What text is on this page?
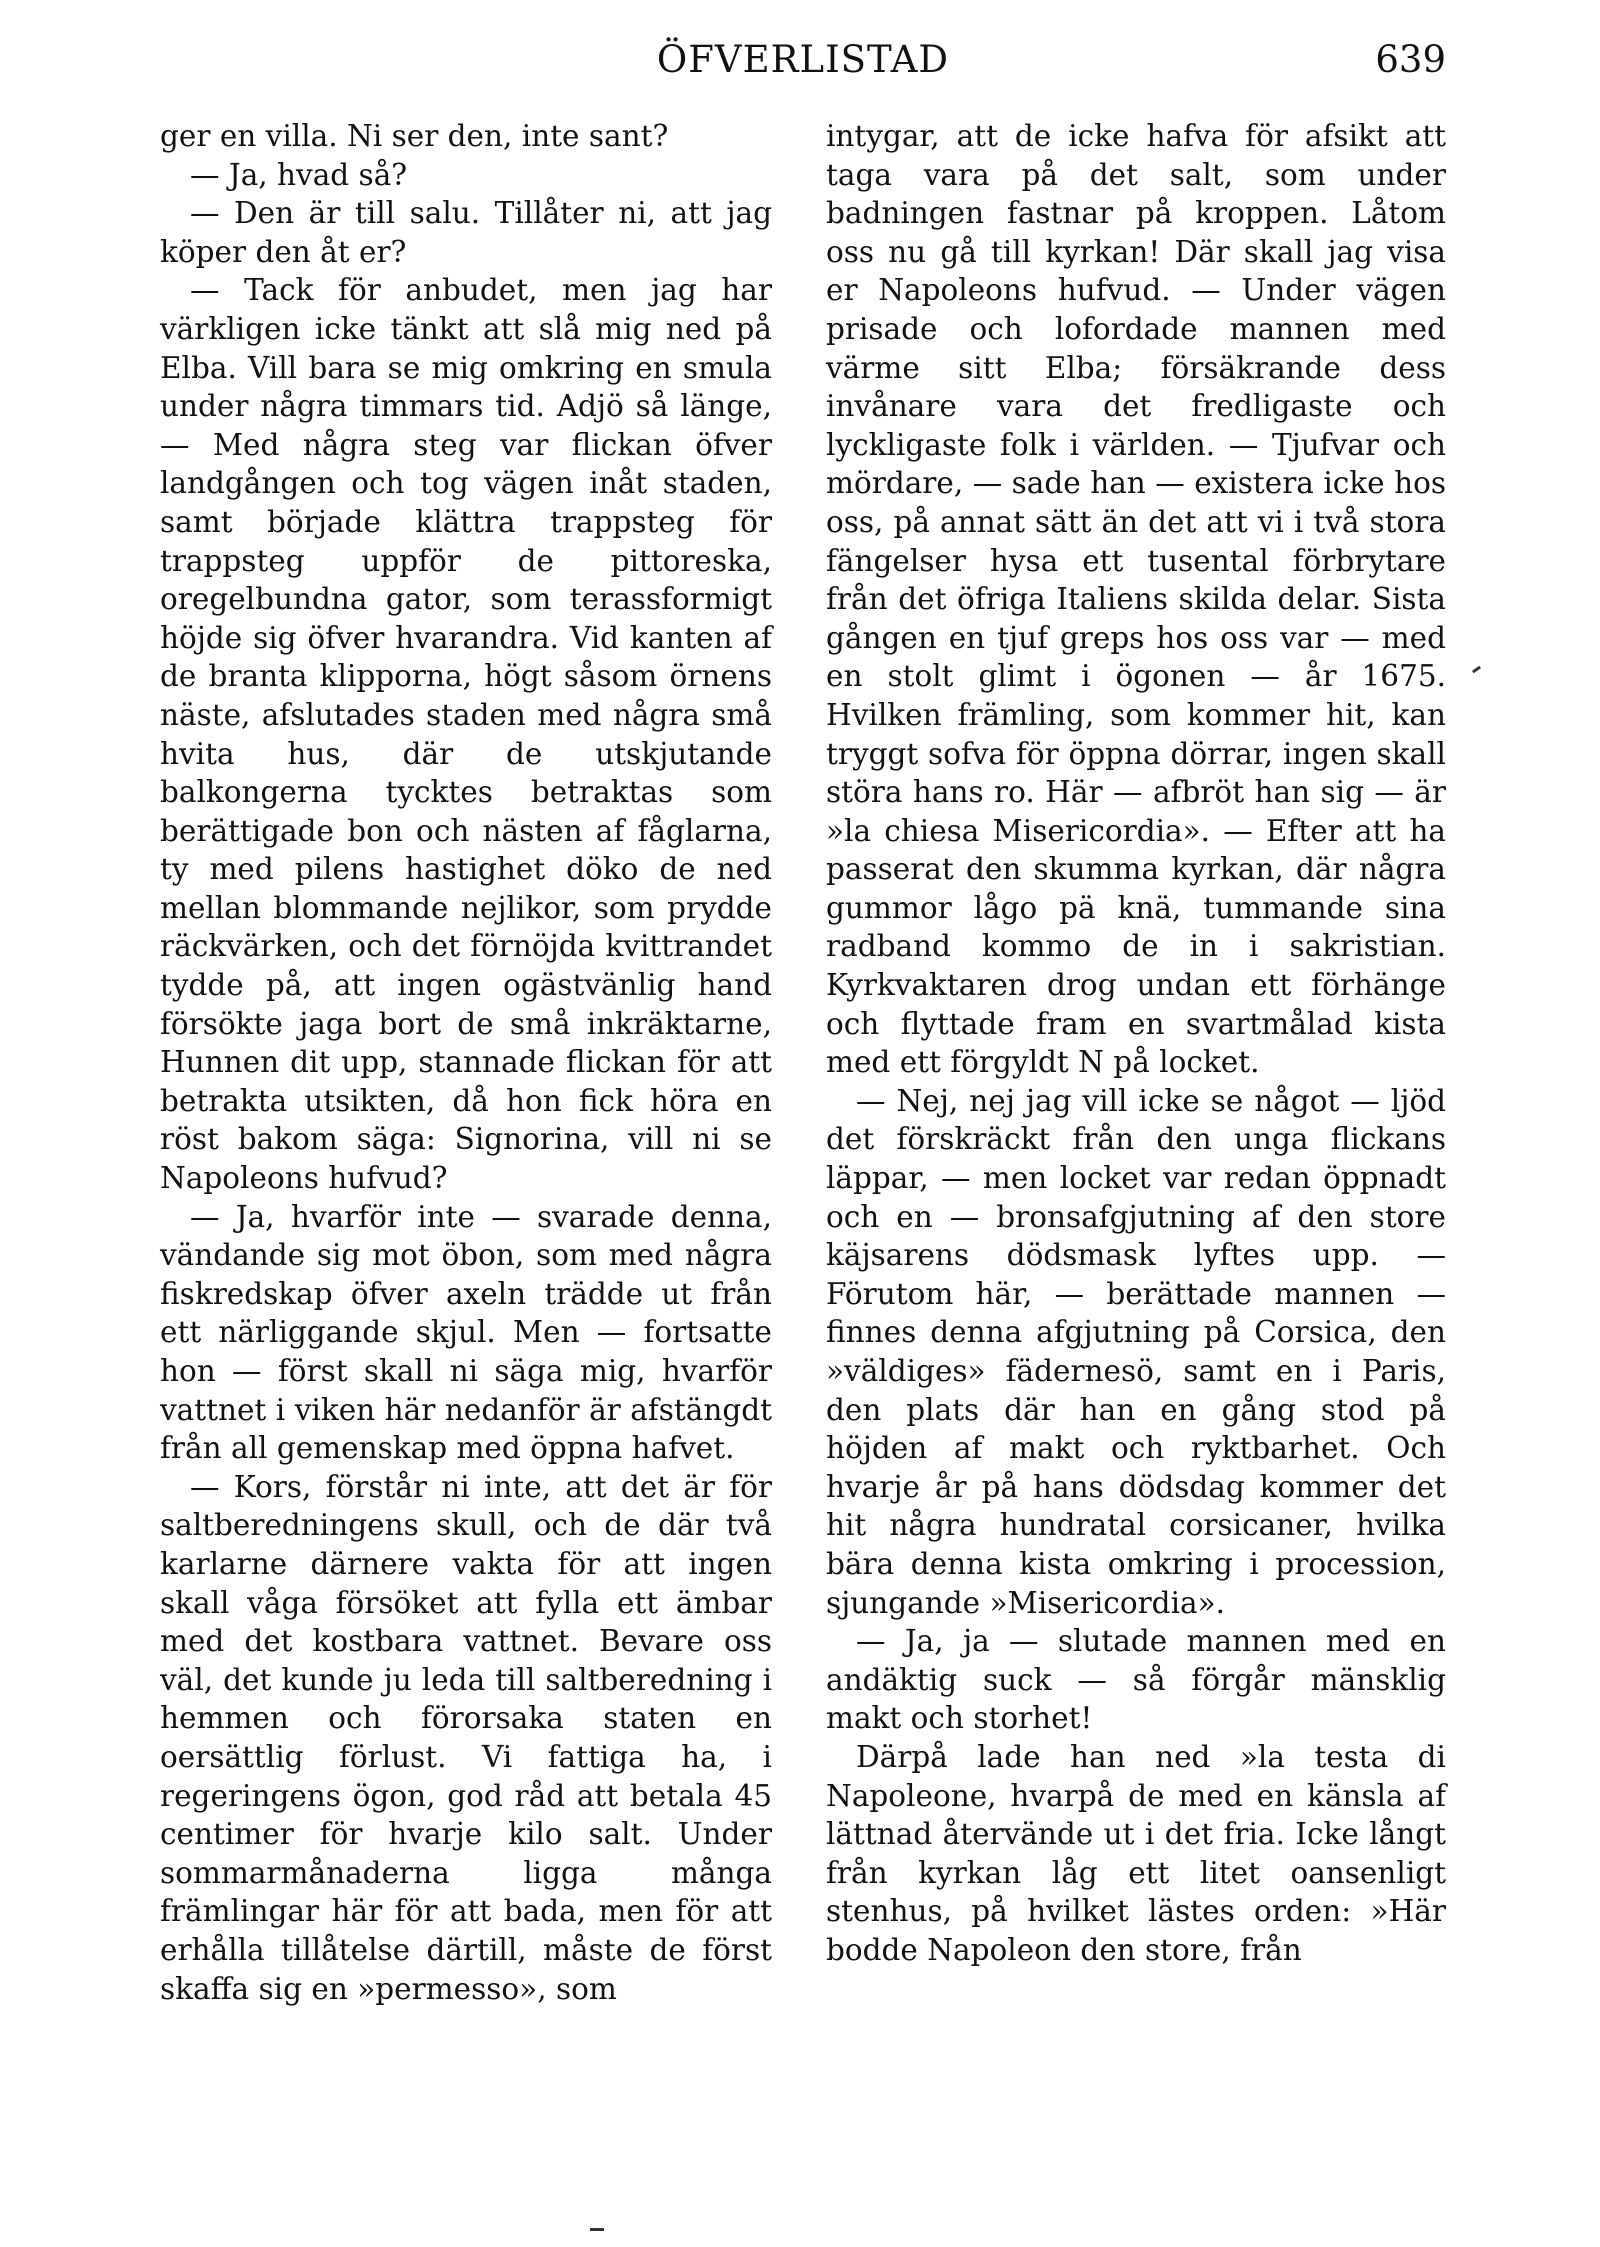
ÖFVERLISTAD	639

ger en villa. Ni ser den, inte sant?

— Ja, hvad så?

— Den är till salu. Tillåter ni, att jag köper den åt er?

— Tack för anbudet, men jag har värkligen icke tänkt att slå mig ned på Elba. Vill bara se mig omkring en smula under några timmars tid. Adjö så länge, — Med några steg var flickan öfver landgången och tog vägen inåt staden, samt började klättra trappsteg för trappsteg uppför de pittoreska, oregelbundna gator, som terassformigt höjde sig öfver hvarandra. Vid kanten af de branta klipporna, högt såsom örnens näste, afslutades staden med några små hvita hus, där de utskjutande balkongerna tycktes betraktas som berättigade bon och nästen af fåglarna, ty med pilens hastighet döko de ned mellan blommande nejlikor, som prydde räckvärken, och det förnöjda kvittrandet tydde på, att ingen ogästvänlig hand försökte jaga bort de små inkräktarne, Hunnen dit upp, stannade flickan för att betrakta utsikten, då hon fick höra en röst bakom säga: Signorina, vill ni se Napoleons hufvud?

— Ja, hvarför inte — svarade denna, vändande sig mot öbon, som med några fiskredskap öfver axeln trädde ut från ett närliggande skjul. Men — fortsatte hon — först skall ni säga mig, hvarför vattnet i viken här nedanför är afstängdt från all gemenskap med öppna hafvet.

— Kors, förstår ni inte, att det är för saltberedningens skull, och de där två karlarne därnere vakta för att ingen skall våga försöket att fylla ett ämbar med det kostbara vattnet. Bevare oss väl, det kunde ju leda till saltberedning i hemmen och förorsaka staten en oersättlig förlust. Vi fattiga ha, i regeringens ögon, god råd att betala 45 centimer för hvarje kilo salt. Under sommarmånaderna ligga många främlingar här för att bada, men för att erhålla tillåtelse därtill, måste de först skaffa sig en »permesso», som

intygar, att de icke hafva för afsikt att taga vara på det salt, som under badningen fastnar på kroppen. Låtom oss nu gå till kyrkan! Där skall jag visa er Napoleons hufvud. — Under vägen prisade och lofordade mannen med värme sitt Elba; försäkrande dess invånare vara det fredligaste och lyckligaste folk i världen. — Tjufvar och mördare, — sade han — existera icke hos oss, på annat sätt än det att vi i två stora fängelser hysa ett tusental förbrytare från det öfriga Italiens skilda delar. Sista gången en tjuf greps hos oss var — med en stolt glimt i ögonen — år 1675. Hvilken främling, som kommer hit, kan tryggt sofva för öppna dörrar, ingen skall störa hans ro. Här — afbröt han sig — är »la chiesa Misericordia». — Efter att ha passerat den skumma kyrkan, där några gummor lågo pä knä, tummande sina radband kommo de in i sakristian. Kyrkvaktaren drog undan ett förhänge och flyttade fram en svartmålad kista med ett förgyldt N på locket.

— Nej, nej jag vill icke se något — ljöd det förskräckt från den unga flickans läppar, — men locket var redan öppnadt och en — bronsafgjutning af den store käjsarens dödsmask lyftes upp. — Förutom här, — berättade mannen — finnes denna afgjutning på Corsica, den »väldiges» fädernesö, samt en i Paris, den plats där han en gång stod på höjden af makt och ryktbarhet. Och hvarje år på hans dödsdag kommer det hit några hundratal corsicaner, hvilka bära denna kista omkring i procession, sjungande »Misericordia».

— Ja, ja — slutade mannen med en andäktig suck — så förgår mänsklig makt och storhet!

Därpå lade han ned »la testa di Napoleone, hvarpå de med en känsla af lättnad återvände ut i det fria. Icke långt från kyrkan låg ett litet oansenligt stenhus, på hvilket lästes orden: »Här bodde Napoleon den store, från
